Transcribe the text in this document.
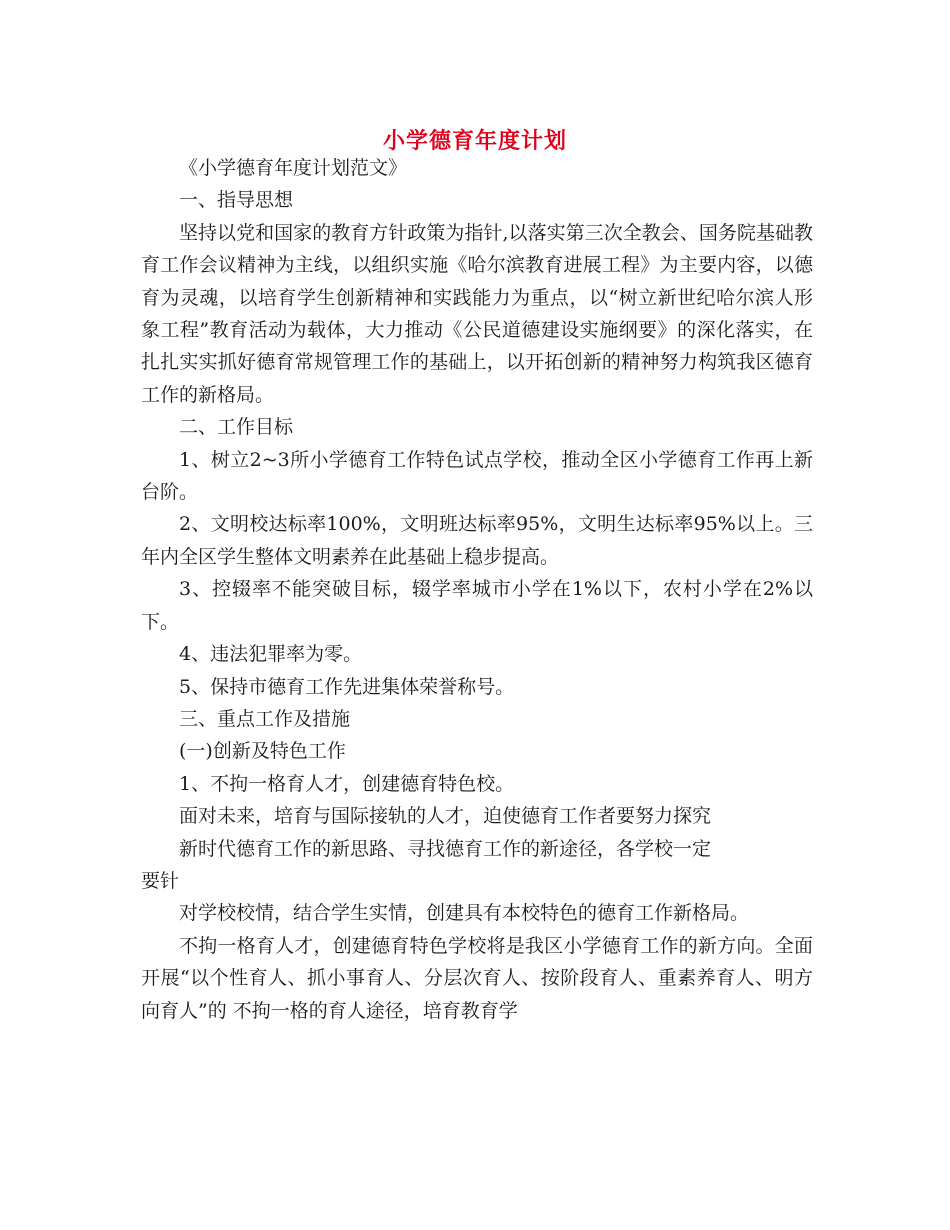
小学德育年度计划

《小学德育年度计划范文》

一、指导思想

坚持以党和国家的教育方针政策为指针,以落实第三次全教会、国务院基础教育工作会议精神为主线，以组织实施《哈尔滨教育进展工程》为主要内容，以德育为灵魂，以培育学生创新精神和实践能力为重点，以“树立新世纪哈尔滨人形象工程”教育活动为载体，大力推动《公民道德建设实施纲要》的深化落实，在扎扎实实抓好德育常规管理工作的基础上，以开拓创新的精神努力构筑我区德育工作的新格局。

二、工作目标

1、树立2~3所小学德育工作特色试点学校，推动全区小学德育工作再上新台阶。

2、文明校达标率100%，文明班达标率95%，文明生达标率95%以上。三年内全区学生整体文明素养在此基础上稳步提高。

3、控辍率不能突破目标，辍学率城市小学在1%以下，农村小学在2%以下。

4、违法犯罪率为零。

5、保持市德育工作先进集体荣誉称号。

三、重点工作及措施

(一)创新及特色工作

1、不拘一格育人才，创建德育特色校。

面对未来，培育与国际接轨的人才，迫使德育工作者要努力探究

新时代德育工作的新思路、寻找德育工作的新途径，各学校一定

要针

对学校校情，结合学生实情，创建具有本校特色的德育工作新格局。

不拘一格育人才，创建德育特色学校将是我区小学德育工作的新方向。全面开展“以个性育人、抓小事育人、分层次育人、按阶段育人、重素养育人、明方向育人”的 不拘一格的育人途径，培育教育学
